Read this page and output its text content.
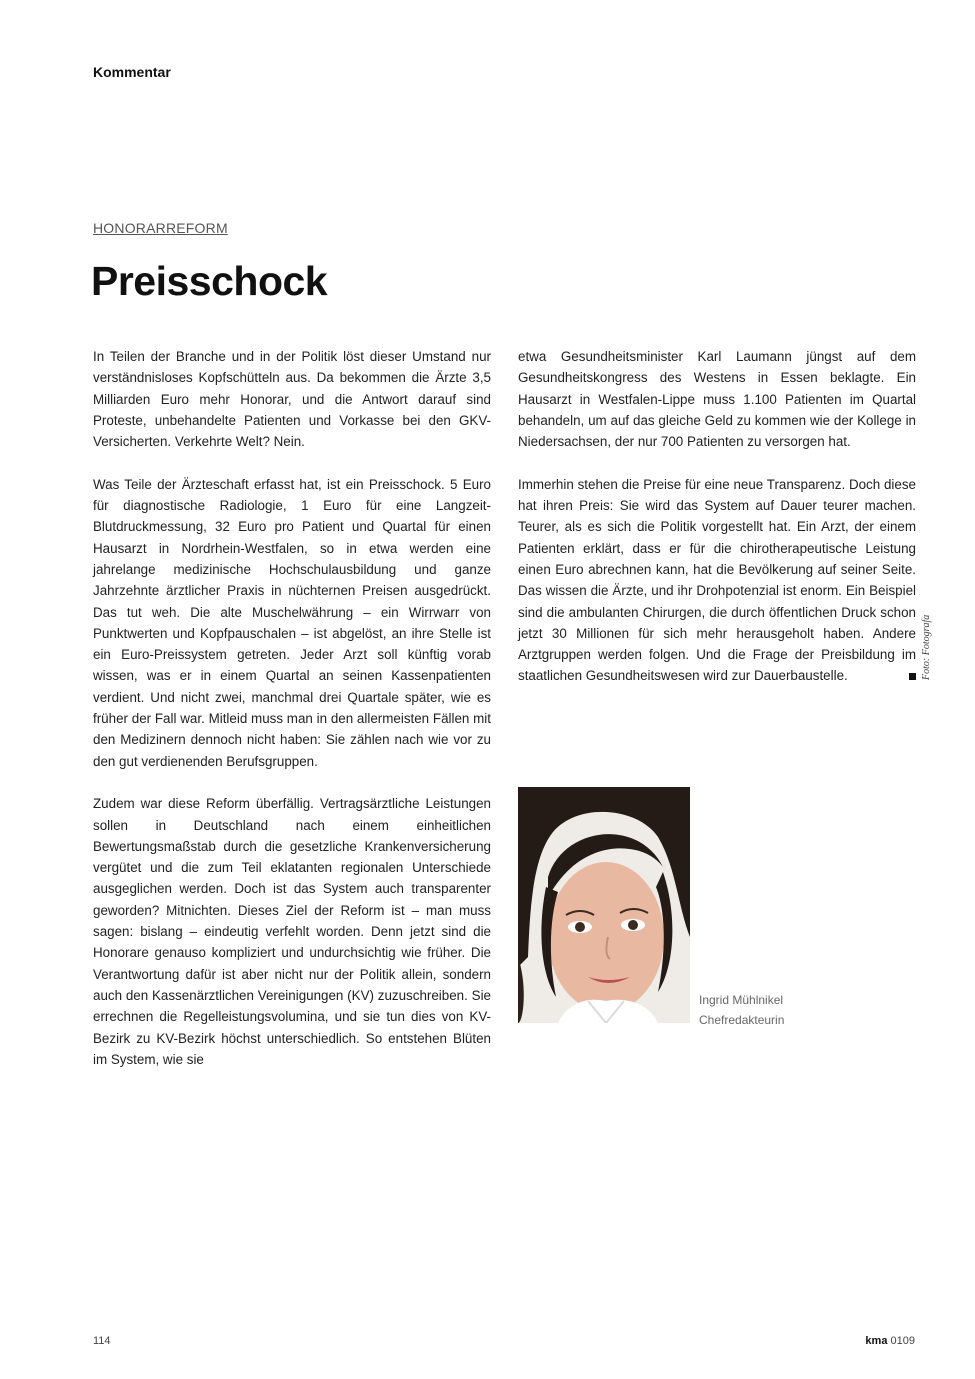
Kommentar
HONORARREFORM
Preisschock

In Teilen der Branche und in der Politik löst dieser Umstand nur verständnisloses Kopfschütteln aus. Da bekommen die Ärzte 3,5 Milliarden Euro mehr Honorar, und die Antwort darauf sind Proteste, unbehandelte Patienten und Vorkasse bei den GKV-Versicherten. Verkehrte Welt? Nein.

Was Teile der Ärzteschaft erfasst hat, ist ein Preisschock. 5 Euro für diagnostische Radiologie, 1 Euro für eine Langzeit-Blutdruckmessung, 32 Euro pro Patient und Quartal für einen Hausarzt in Nordrhein-Westfalen, so in etwa werden eine jahrelange medizinische Hochschulausbildung und ganze Jahrzehnte ärztlicher Praxis in nüchternen Preisen ausgedrückt. Das tut weh. Die alte Muschelwährung – ein Wirrwarr von Punktwerten und Kopfpauschalen – ist abgelöst, an ihre Stelle ist ein Euro-Preissystem getreten. Jeder Arzt soll künftig vorab wissen, was er in einem Quartal an seinen Kassenpatienten verdient. Und nicht zwei, manchmal drei Quartale später, wie es früher der Fall war. Mitleid muss man in den allermeisten Fällen mit den Medizinern dennoch nicht haben: Sie zählen nach wie vor zu den gut verdienenden Berufsgruppen.

Zudem war diese Reform überfällig. Vertragsärztliche Leistungen sollen in Deutschland nach einem einheitlichen Bewertungsmaßstab durch die gesetzliche Krankenversicherung vergütet und die zum Teil eklatanten regionalen Unterschiede ausgeglichen werden. Doch ist das System auch transparenter geworden? Mitnichten. Dieses Ziel der Reform ist – man muss sagen: bislang – eindeutig verfehlt worden. Denn jetzt sind die Honorare genauso kompliziert und undurchsichtig wie früher. Die Verantwortung dafür ist aber nicht nur der Politik allein, sondern auch den Kassenärztlichen Vereinigungen (KV) zuzuschreiben. Sie errechnen die Regelleistungsvolumina, und sie tun dies von KV-Bezirk zu KV-Bezirk höchst unterschiedlich. So entstehen Blüten im System, wie sie

etwa Gesundheitsminister Karl Laumann jüngst auf dem Gesundheitskongress des Westens in Essen beklagte. Ein Hausarzt in Westfalen-Lippe muss 1.100 Patienten im Quartal behandeln, um auf das gleiche Geld zu kommen wie der Kollege in Niedersachsen, der nur 700 Patienten zu versorgen hat.

Immerhin stehen die Preise für eine neue Transparenz. Doch diese hat ihren Preis: Sie wird das System auf Dauer teurer machen. Teurer, als es sich die Politik vorgestellt hat. Ein Arzt, der einem Patienten erklärt, dass er für die chirotherapeutische Leistung einen Euro abrechnen kann, hat die Bevölkerung auf seiner Seite. Das wissen die Ärzte, und ihr Drohpotenzial ist enorm. Ein Beispiel sind die ambulanten Chirurgen, die durch öffentlichen Druck schon jetzt 30 Millionen für sich mehr herausgeholt haben. Andere Arztgruppen werden folgen. Und die Frage der Preisbildung im staatlichen Gesundheitswesen wird zur Dauerbaustelle.

Ingrid Mühlnikel
Chefredakteurin
Foto: Fotografa
114	kma 0109
